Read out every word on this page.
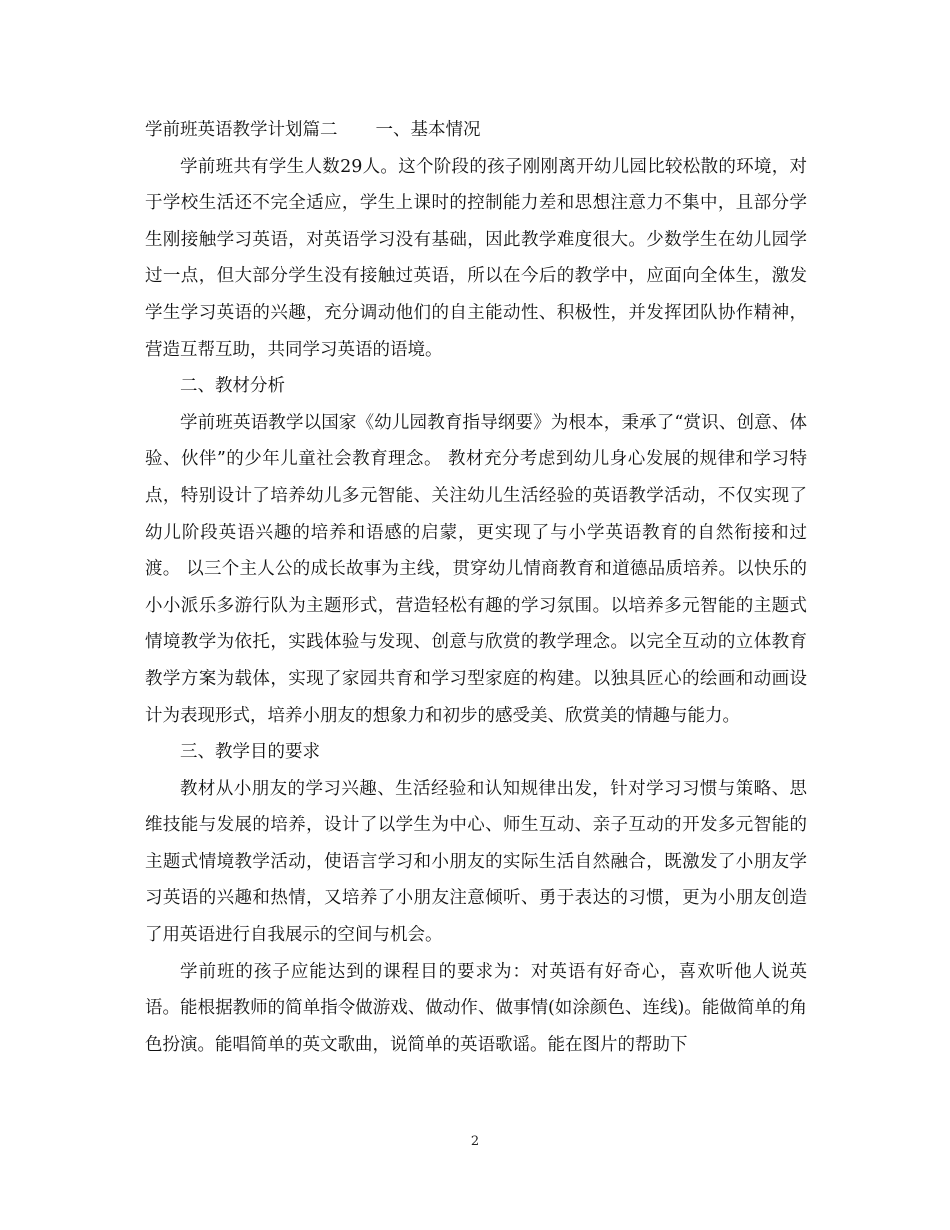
学前班英语教学计划篇二 一、基本情况

学前班共有学生人数29人。这个阶段的孩子刚刚离开幼儿园比较松散的环境，对于学校生活还不完全适应，学生上课时的控制能力差和思想注意力不集中，且部分学生刚接触学习英语，对英语学习没有基础，因此教学难度很大。少数学生在幼儿园学过一点，但大部分学生没有接触过英语，所以在今后的教学中，应面向全体生，激发学生学习英语的兴趣，充分调动他们的自主能动性、积极性，并发挥团队协作精神，营造互帮互助，共同学习英语的语境。

二、教材分析

学前班英语教学以国家《幼儿园教育指导纲要》为根本，秉承了“赏识、创意、体验、伙伴”的少年儿童社会教育理念。 教材充分考虑到幼儿身心发展的规律和学习特点，特别设计了培养幼儿多元智能、关注幼儿生活经验的英语教学活动，不仅实现了幼儿阶段英语兴趣的培养和语感的启蒙，更实现了与小学英语教育的自然衔接和过渡。 以三个主人公的成长故事为主线，贯穿幼儿情商教育和道德品质培养。以快乐的小小派乐多游行队为主题形式，营造轻松有趣的学习氛围。以培养多元智能的主题式情境教学为依托，实践体验与发现、创意与欣赏的教学理念。以完全互动的立体教育教学方案为载体，实现了家园共育和学习型家庭的构建。以独具匠心的绘画和动画设计为表现形式，培养小朋友的想象力和初步的感受美、欣赏美的情趣与能力。

三、教学目的要求

教材从小朋友的学习兴趣、生活经验和认知规律出发，针对学习习惯与策略、思维技能与发展的培养，设计了以学生为中心、师生互动、亲子互动的开发多元智能的主题式情境教学活动，使语言学习和小朋友的实际生活自然融合，既激发了小朋友学习英语的兴趣和热情，又培养了小朋友注意倾听、勇于表达的习惯，更为小朋友创造了用英语进行自我展示的空间与机会。

学前班的孩子应能达到的课程目的要求为：对英语有好奇心，喜欢听他人说英语。能根据教师的简单指令做游戏、做动作、做事情(如涂颜色、连线)。能做简单的角色扮演。能唱简单的英文歌曲，说简单的英语歌谣。能在图片的帮助下

2
